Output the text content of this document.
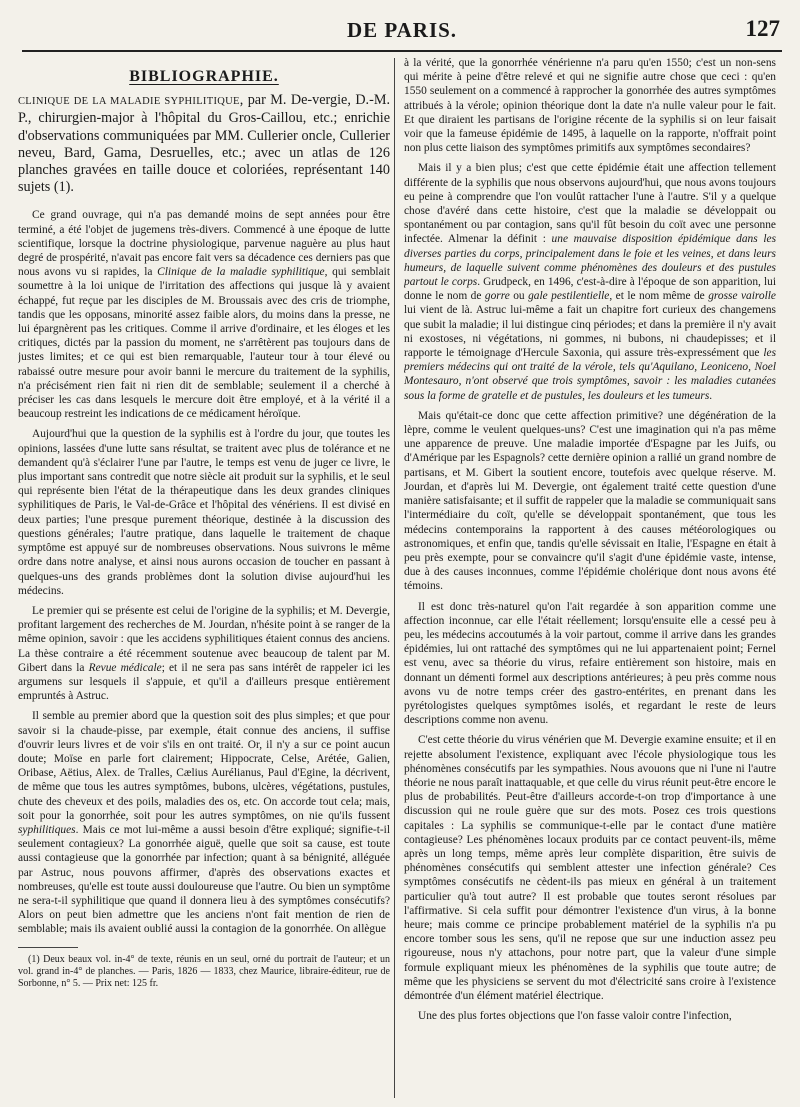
DE PARIS.	127
BIBLIOGRAPHIE.

CLINIQUE DE LA MALADIE SYPHILITIQUE, par M. De-vergie, D.-M. P., chirurgien-major à l'hôpital du Gros-Caillou, etc.; enrichie d'observations communiquées par MM. Cullerier oncle, Cullerier neveu, Bard, Gama, Desruelles, etc.; avec un atlas de 126 planches gravées en taille douce et coloriées, représentant 140 sujets (1).

Ce grand ouvrage, qui n'a pas demandé moins de sept années pour être terminé, a été l'objet de jugemens très-divers. Commencé à une époque de lutte scientifique, lorsque la doctrine physiologique, parvenue naguère au plus haut degré de prospérité, n'avait pas encore fait vers sa décadence ces derniers pas que nous avons vu si rapides, la Clinique de la maladie syphilitique, qui semblait soumettre à la loi unique de l'irritation des affections qui jusque là y avaient échappé, fut reçue par les disciples de M. Broussais avec des cris de triomphe, tandis que les opposans, minorité assez faible alors, du moins dans la presse, ne lui épargnèrent pas les critiques. Comme il arrive d'ordinaire, et les éloges et les critiques, dictés par la passion du moment, ne s'arrêtèrent pas toujours dans de justes limites; et ce qui est bien remarquable, l'auteur tour à tour élevé ou rabaissé outre mesure pour avoir banni le mercure du traitement de la syphilis, n'a précisément rien fait ni rien dit de semblable; seulement il a cherché à préciser les cas dans lesquels le mercure doit être employé, et à la vérité il a beaucoup restreint les indications de ce médicament héroïque.

Aujourd'hui que la question de la syphilis est à l'ordre du jour, que toutes les opinions, lassées d'une lutte sans résultat, se traitent avec plus de tolérance et ne demandent qu'à s'éclairer l'une par l'autre, le temps est venu de juger ce livre, le plus important sans contredit que notre siècle ait produit sur la syphilis, et le seul qui représente bien l'état de la thérapeutique dans les deux grandes cliniques syphilitiques de Paris, le Val-de-Grâce et l'hôpital des vénériens. Il est divisé en deux parties; l'une presque purement théorique, destinée à la discussion des questions générales; l'autre pratique, dans laquelle le traitement de chaque symptôme est appuyé sur de nombreuses observations. Nous suivrons le même ordre dans notre analyse, et ainsi nous aurons occasion de toucher en passant à quelques-uns des grands problèmes dont la solution divise aujourd'hui les médecins.

Le premier qui se présente est celui de l'origine de la syphilis; et M. Devergie, profitant largement des recherches de M. Jourdan, n'hésite point à se ranger de la même opinion, savoir : que les accidens syphilitiques étaient connus des anciens. La thèse contraire a été récemment soutenue avec beaucoup de talent par M. Gibert dans la Revue médicale; et il ne sera pas sans intérêt de rappeler ici les argumens sur lesquels il s'appuie, et qu'il a d'ailleurs presque entièrement empruntés à Astruc.

Il semble au premier abord que la question soit des plus simples; et que pour savoir si la chaude-pisse, par exemple, était connue des anciens, il suffise d'ouvrir leurs livres et de voir s'ils en ont traité. Or, il n'y a sur ce point aucun doute; Moïse en parle fort clairement; Hippocrate, Celse, Arétée, Galien, Oribase, Aëtius, Alex. de Tralles, Cælius Aurélianus, Paul d'Egine, la décrivent, de même que tous les autres symptômes, bubons, ulcères, végétations, pustules, chute des cheveux et des poils, maladies des os, etc. On accorde tout cela; mais, soit pour la gonorrhée, soit pour les autres symptômes, on nie qu'ils fussent syphilitiques. Mais ce mot lui-même a aussi besoin d'être expliqué; signifie-t-il seulement contagieux? La gonorrhée aiguë, quelle que soit sa cause, est toute aussi contagieuse que la gonorrhée par infection; quant à sa bénignité, alléguée par Astruc, nous pouvons affirmer, d'après des observations exactes et nombreuses, qu'elle est toute aussi douloureuse que l'autre. Ou bien un symptôme ne sera-t-il syphilitique que quand il donnera lieu à des symptômes consécutifs? Alors on peut bien admettre que les anciens n'ont fait mention de rien de semblable; mais ils avaient oublié aussi la contagion de la gonorrhée. On allègue

(1) Deux beaux vol. in-4° de texte, réunis en un seul, orné du portrait de l'auteur; et un vol. grand in-4° de planches. — Paris, 1826 — 1833, chez Maurice, libraire-éditeur, rue de Sorbonne, n° 5. — Prix net: 125 fr.

à la vérité, que la gonorrhée vénérienne n'a paru qu'en 1550; c'est un non-sens qui mérite à peine d'être relevé et qui ne signifie autre chose que ceci : qu'en 1550 seulement on a commencé à rapprocher la gonorrhée des autres symptômes attribués à la vérole; opinion théorique dont la date n'a nulle valeur pour le fait. Et que diraient les partisans de l'origine récente de la syphilis si on leur faisait voir que la fameuse épidémie de 1495, à laquelle on la rapporte, n'offrait point non plus cette liaison des symptômes primitifs aux symptômes secondaires?

Mais il y a bien plus; c'est que cette épidémie était une affection tellement différente de la syphilis que nous observons aujourd'hui, que nous avons toujours eu peine à comprendre que l'on voulût rattacher l'une à l'autre. S'il y a quelque chose d'avéré dans cette histoire, c'est que la maladie se développait ou spontanément ou par contagion, sans qu'il fût besoin du coït avec une personne infectée. Almenar la définit : une mauvaise disposition épidémique dans les diverses parties du corps, principalement dans le foie et les veines, et dans leurs humeurs, de laquelle suivent comme phénomènes des douleurs et des pustules partout le corps. Grudpeck, en 1496, c'est-à-dire à l'époque de son apparition, lui donne le nom de gorre ou gale pestilentielle, et le nom même de grosse vairolle lui vient de là. Astruc lui-même a fait un chapitre fort curieux des changemens que subit la maladie; il lui distingue cinq périodes; et dans la première il n'y avait ni exostoses, ni végétations, ni gommes, ni bubons, ni chaudepisses; et il rapporte le témoignage d'Hercule Saxonia, qui assure très-expressément que les premiers médecins qui ont traité de la vérole, tels qu'Aquilano, Leoniceno, Noel Montesauro, n'ont observé que trois symptômes, savoir : les maladies cutanées sous la forme de gratelle et de pustules, les douleurs et les tumeurs.

Mais qu'était-ce donc que cette affection primitive? une dégénération de la lèpre, comme le veulent quelques-uns? C'est une imagination qui n'a pas même une apparence de preuve. Une maladie importée d'Espagne par les Juifs, ou d'Amérique par les Espagnols? cette dernière opinion a rallié un grand nombre de partisans, et M. Gibert la soutient encore, toutefois avec quelque réserve. M. Jourdan, et d'après lui M. Devergie, ont également traité cette question d'une manière satisfaisante; et il suffit de rappeler que la maladie se communiquait sans l'intermédiaire du coït, qu'elle se développait spontanément, que tous les médecins contemporains la rapportent à des causes météorologiques ou astronomiques, et enfin que, tandis qu'elle sévissait en Italie, l'Espagne en était à peu près exempte, pour se convaincre qu'il s'agit d'une épidémie vaste, intense, due à des causes inconnues, comme l'épidémie cholérique dont nous avons été témoins.

Il est donc très-naturel qu'on l'ait regardée à son apparition comme une affection inconnue, car elle l'était réellement; lorsqu'ensuite elle a cessé peu à peu, les médecins accoutumés à la voir partout, comme il arrive dans les grandes épidémies, lui ont rattaché des symptômes qui ne lui appartenaient point; Fernel est venu, avec sa théorie du virus, refaire entièrement son histoire, mais en donnant un démenti formel aux descriptions antérieures; à peu près comme nous avons vu de notre temps créer des gastro-entérites, en prenant dans les pyrétologistes quelques symptômes isolés, et regardant le reste de leurs descriptions comme non avenu.

C'est cette théorie du virus vénérien que M. Devergie examine ensuite; et il en rejette absolument l'existence, expliquant avec l'école physiologique tous les phénomènes consécutifs par les sympathies. Nous avouons que ni l'une ni l'autre théorie ne nous paraît inattaquable, et que celle du virus réunit peut-être encore le plus de probabilités. Peut-être d'ailleurs accorde-t-on trop d'importance à une discussion qui ne roule guère que sur des mots. Posez ces trois questions capitales : La syphilis se communique-t-elle par le contact d'une matière contagieuse? Les phénomènes locaux produits par ce contact peuvent-ils, même après un long temps, même après leur complète disparition, être suivis de phénomènes consécutifs qui semblent attester une infection générale? Ces symptômes consécutifs ne cèdent-ils pas mieux en général à un traitement particulier qu'à tout autre? Il est probable que toutes seront résolues par l'affirmative. Si cela suffit pour démontrer l'existence d'un virus, à la bonne heure; mais comme ce principe probablement matériel de la syphilis n'a pu encore tomber sous les sens, qu'il ne repose que sur une induction assez peu rigoureuse, nous n'y attachons, pour notre part, que la valeur d'une simple formule expliquant mieux les phénomènes de la syphilis que toute autre; de même que les physiciens se servent du mot d'électricité sans croire à l'existence démontrée d'un élément matériel électrique.

Une des plus fortes objections que l'on fasse valoir contre l'infection,
